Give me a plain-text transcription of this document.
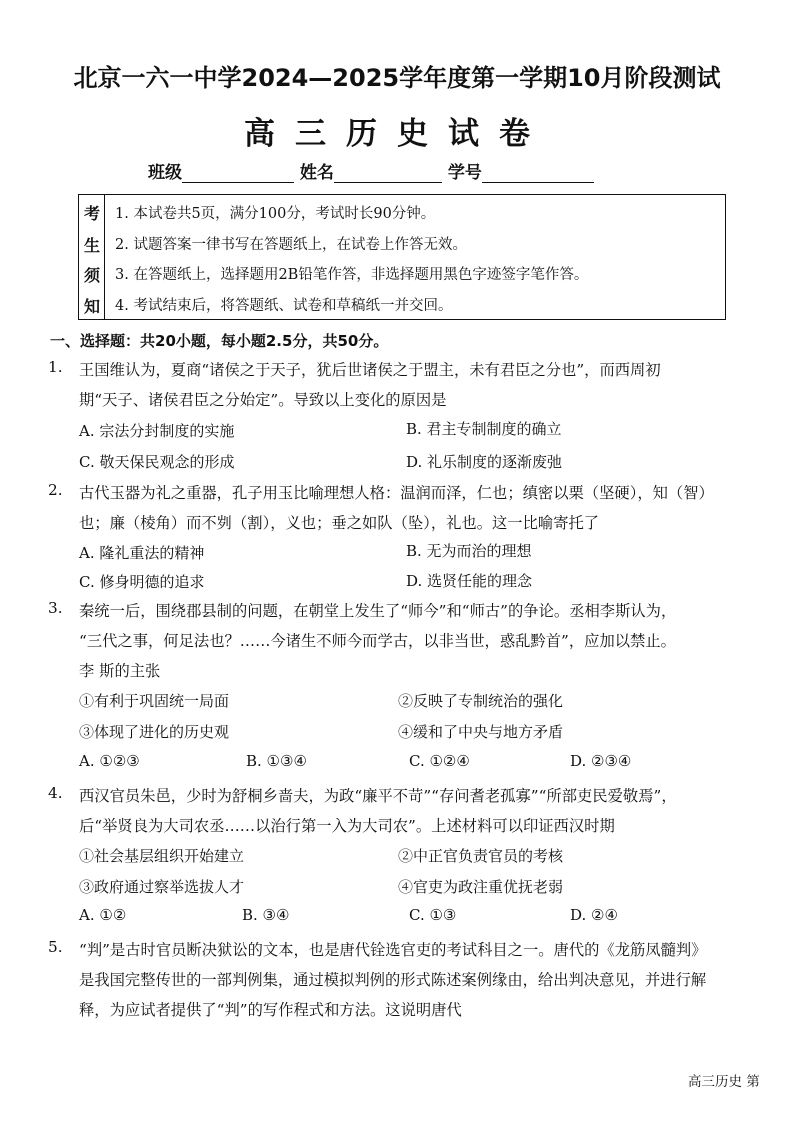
北京一六一中学2024—2025学年度第一学期10月阶段测试
高三历史试卷
班级	姓名	学号
考
生
须
知
1. 本试卷共5页，满分100分，考试时长90分钟。
2. 试题答案一律书写在答题纸上，在试卷上作答无效。
3. 在答题纸上，选择题用2B铅笔作答，非选择题用黑色字迹签字笔作答。
4. 考试结束后，将答题纸、试卷和草稿纸一并交回。
一、选择题：共20小题，每小题2.5分，共50分。
1. 王国维认为，夏商“诸侯之于天子，犹后世诸侯之于盟主，未有君臣之分也”，而西周初
期“天子、诸侯君臣之分始定”。导致以上变化的原因是
A. 宗法分封制度的实施	B. 君主专制制度的确立
C. 敬天保民观念的形成	D. 礼乐制度的逐渐废弛
2. 古代玉器为礼之重器，孔子用玉比喻理想人格：温润而泽，仁也；缜密以栗（坚硬），知（智）
也；廉（棱角）而不刿（割），义也；垂之如队（坠），礼也。这一比喻寄托了
A. 隆礼重法的精神	B. 无为而治的理想
C. 修身明德的追求	D. 选贤任能的理念
3. 秦统一后，围绕郡县制的问题，在朝堂上发生了“师今”和“师古”的争论。丞相李斯认为，
“三代之事，何足法也？……今诸生不师今而学古，以非当世，惑乱黔首”，应加以禁止。
李 斯的主张
①有利于巩固统一局面	②反映了专制统治的强化
③体现了进化的历史观	④缓和了中央与地方矛盾
A. ①②③	B. ①③④	C. ①②④	D. ②③④
4. 西汉官员朱邑，少时为舒桐乡啬夫，为政“廉平不苛”“存问耆老孤寡”“所部吏民爱敬焉”，
后“举贤良为大司农丞……以治行第一入为大司农”。上述材料可以印证西汉时期
①社会基层组织开始建立	②中正官负责官员的考核
③政府通过察举选拔人才	④官吏为政注重优抚老弱
A. ①②	B. ③④	C. ①③	D. ②④
5. “判”是古时官员断决狱讼的文本，也是唐代铨选官吏的考试科目之一。唐代的《龙筋凤髓判》
是我国完整传世的一部判例集，通过模拟判例的形式陈述案例缘由，给出判决意见，并进行解
释，为应试者提供了“判”的写作程式和方法。这说明唐代
高三历史 第
